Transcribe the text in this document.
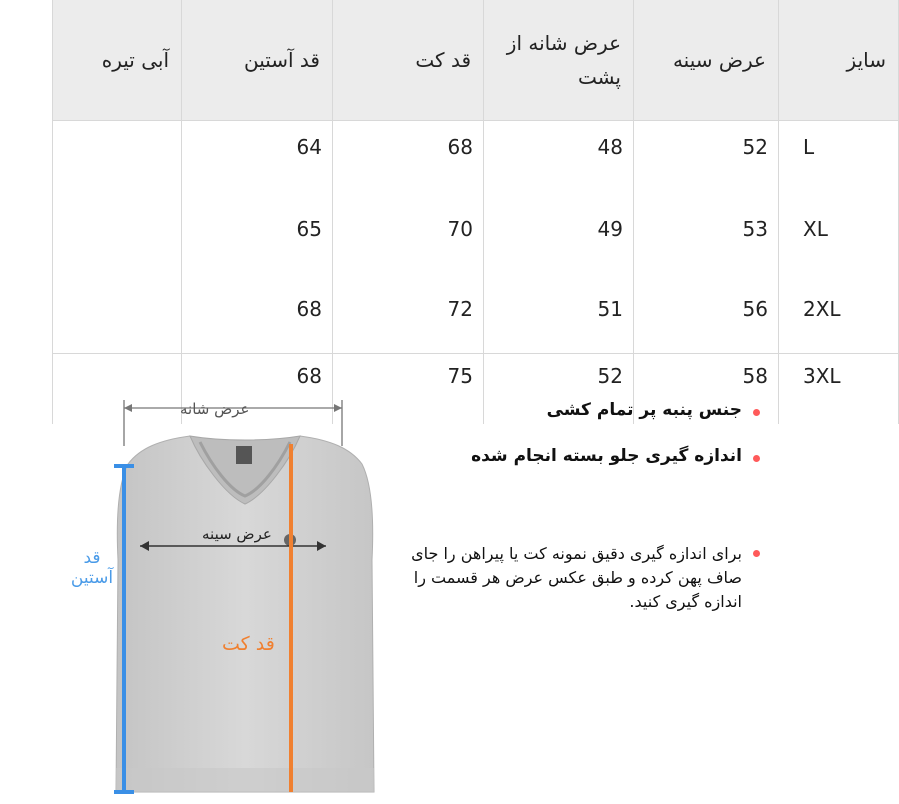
سایز	عرض سینه	عرض شانه از پشت	قد کت	قد آستین	آبی تیره
L	52	48	68	64	
XL	53	49	70	65	
2XL	56	51	72	68	
3XL	58	52	75	68	
عرض شانه
عرض سینه
قد آستین
قد کت
جنس پنبه پر تمام کشی
اندازه گیری جلو بسته انجام شده
برای اندازه گیری دقیق نمونه کت یا پیراهن را جای صاف پهن کرده و طبق عکس عرض هر قسمت را اندازه گیری کنید.
